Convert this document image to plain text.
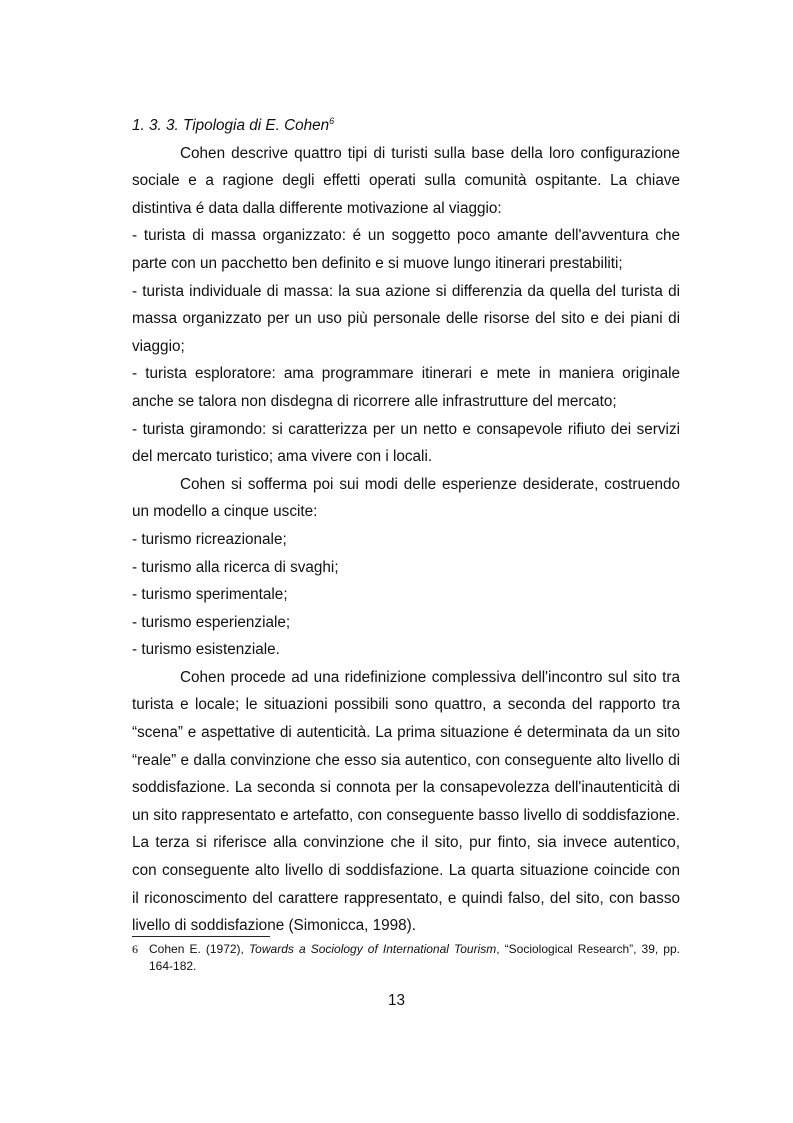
1. 3. 3. Tipologia di E. Cohen$^6$

Cohen descrive quattro tipi di turisti sulla base della loro configurazione sociale e a ragione degli effetti operati sulla comunità ospitante. La chiave distintiva é data dalla differente motivazione al viaggio:

- turista di massa organizzato: é un soggetto poco amante dell'avventura che parte con un pacchetto ben definito e si muove lungo itinerari prestabiliti;

- turista individuale di massa: la sua azione si differenzia da quella del turista di massa organizzato per un uso più personale delle risorse del sito e dei piani di viaggio;

- turista esploratore: ama programmare itinerari e mete in maniera originale anche se talora non disdegna di ricorrere alle infrastrutture del mercato;

- turista giramondo: si caratterizza per un netto e consapevole rifiuto dei servizi del mercato turistico; ama vivere con i locali.

Cohen si sofferma poi sui modi delle esperienze desiderate, costruendo un modello a cinque uscite:

- turismo ricreazionale;

- turismo alla ricerca di svaghi;

- turismo sperimentale;

- turismo esperienziale;

- turismo esistenziale.

Cohen procede ad una ridefinizione complessiva dell'incontro sul sito tra turista e locale; le situazioni possibili sono quattro, a seconda del rapporto tra “scena” e aspettative di autenticità. La prima situazione é determinata da un sito “reale” e dalla convinzione che esso sia autentico, con conseguente alto livello di soddisfazione. La seconda si connota per la consapevolezza dell'inautenticità di un sito rappresentato e artefatto, con conseguente basso livello di soddisfazione. La terza si riferisce alla convinzione che il sito, pur finto, sia invece autentico, con conseguente alto livello di soddisfazione. La quarta situazione coincide con il riconoscimento del carattere rappresentato, e quindi falso, del sito, con basso livello di soddisfazione (Simonicca, 1998).

6 Cohen E. (1972), Towards a Sociology of International Tourism, “Sociological Research”, 39, pp. 164-182.
13
